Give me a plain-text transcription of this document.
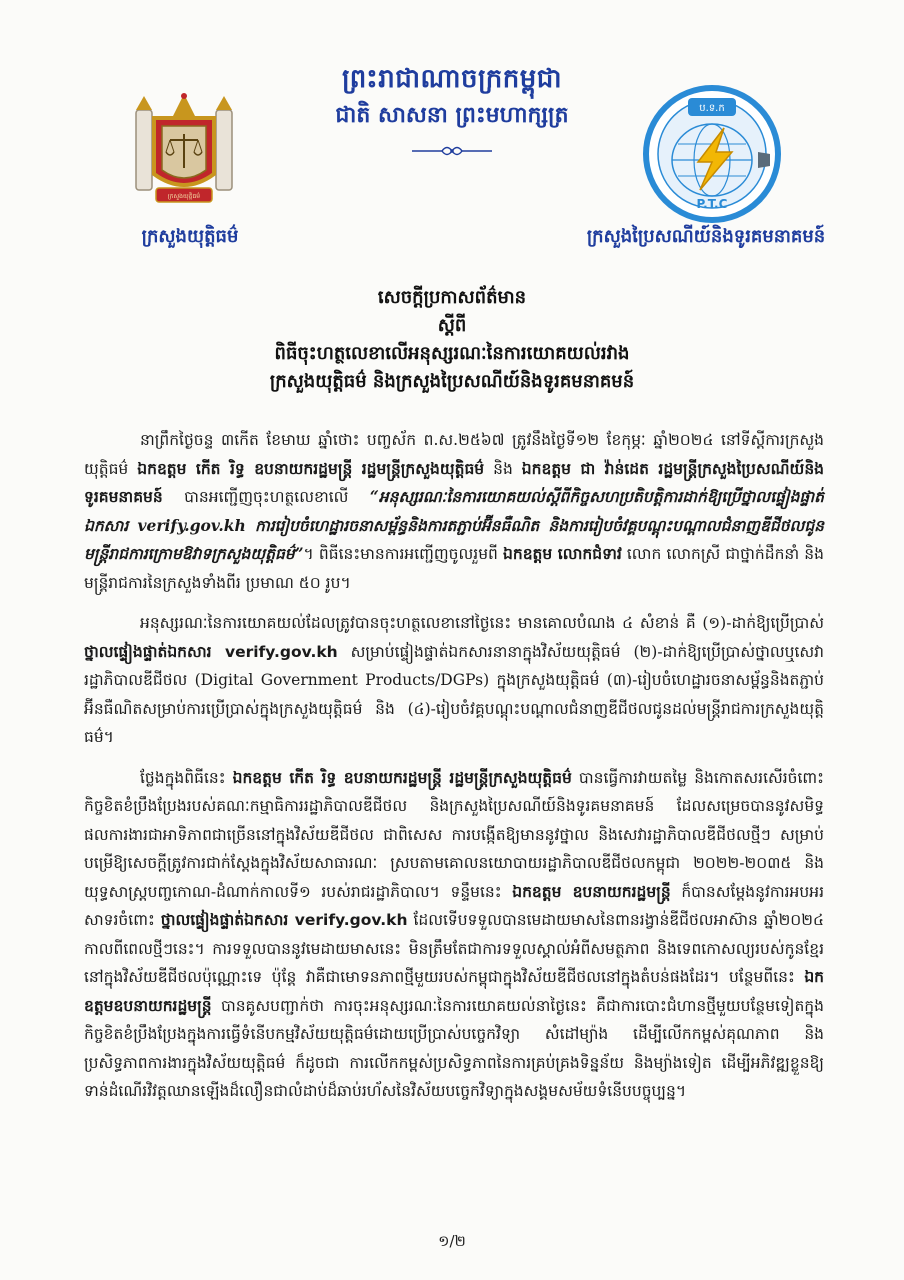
ក្រសួងយុត្តិធម៌
ប.ទ.ក
P.T.C
ព្រះរាជាណាចក្រកម្ពុជា
ជាតិ សាសនា ព្រះមហាក្សត្រ
ក្រសួងយុត្តិធម៌	ក្រសួងប្រៃសណីយ៍និងទូរគមនាគមន៍
សេចក្តីប្រកាសព័ត៌មាន
ស្តីពី
ពិធីចុះហត្ថលេខាលើអនុស្សរណៈនៃការយោគយល់រវាង
ក្រសួងយុត្តិធម៌ និងក្រសួងប្រៃសណីយ៍និងទូរគមនាគមន៍

នាព្រឹកថ្ងៃចន្ទ ៣កើត ខែមាឃ ឆ្នាំថោះ បញ្ចស័ក ព.ស.២៥៦៧ ត្រូវនឹងថ្ងៃទី១២ ខែកុម្ភៈ ឆ្នាំ២០២៤ នៅទីស្តីការក្រសួងយុត្តិធម៌ ឯកឧត្តម កើត រិទ្ធ ឧបនាយករដ្ឋមន្ត្រី រដ្ឋមន្ត្រីក្រសួងយុត្តិធម៌ និង ឯកឧត្តម ជា វ៉ាន់ដេត រដ្ឋមន្ត្រីក្រសួងប្រៃសណីយ៍និងទូរគមនាគមន៍ បានអញ្ជើញចុះហត្ថលេខាលើ “អនុស្សរណៈនៃការយោគយល់ស្តីពីកិច្ចសហប្រតិបត្តិការដាក់ឱ្យប្រើថ្នាលផ្ទៀងផ្ទាត់ឯកសារ verify.gov.kh ការរៀបចំហេដ្ឋារចនាសម្ព័ន្ធនិងការតភ្ជាប់អ៊ីនធឺណិត និងការរៀបចំវគ្គបណ្តុះបណ្តាលជំនាញឌីជីថលជូនមន្ត្រីរាជការក្រោមឱវាទក្រសួងយុត្តិធម៌”។ ពិធីនេះមានការអញ្ជើញចូលរួមពី ឯកឧត្តម លោកជំទាវ លោក លោកស្រី ជាថ្នាក់ដឹកនាំ និងមន្ត្រីរាជការនៃក្រសួងទាំងពីរ ប្រមាណ ៥០ រូប។

អនុស្សរណៈនៃការយោគយល់ដែលត្រូវបានចុះហត្ថលេខានៅថ្ងៃនេះ មានគោលបំណង ៤ សំខាន់ គឺ (១)-ដាក់ឱ្យប្រើប្រាស់ ថ្នាលផ្ទៀងផ្ទាត់ឯកសារ verify.gov.kh សម្រាប់ផ្ទៀងផ្ទាត់ឯកសារនានាក្នុងវិស័យយុត្តិធម៌ (២)-ដាក់ឱ្យប្រើប្រាស់ថ្នាលឬសេវារដ្ឋាភិបាលឌីជីថល (Digital Government Products/DGPs) ក្នុងក្រសួងយុត្តិធម៌ (៣)-រៀបចំហេដ្ឋារចនាសម្ព័ន្ធនិងតភ្ជាប់អ៊ីនធឺណិតសម្រាប់ការប្រើប្រាស់ក្នុងក្រសួងយុត្តិធម៌ និង (៤)-រៀបចំវគ្គបណ្តុះបណ្តាលជំនាញឌីជីថលជូនដល់មន្ត្រីរាជការក្រសួងយុត្តិធម៌។

ថ្លែងក្នុងពិធីនេះ ឯកឧត្តម កើត រិទ្ធ ឧបនាយករដ្ឋមន្ត្រី រដ្ឋមន្ត្រីក្រសួងយុត្តិធម៌ បានធ្វើការវាយតម្លៃ និងកោតសរសើរចំពោះកិច្ចខិតខំប្រឹងប្រែងរបស់គណៈកម្មាធិការរដ្ឋាភិបាលឌីជីថល និងក្រសួងប្រៃសណីយ៍និងទូរគមនាគមន៍ ដែលសម្រេចបាននូវសមិទ្ធផលការងារជាអាទិភាពជាច្រើននៅក្នុងវិស័យឌីជីថល ជាពិសេស ការបង្កើតឱ្យមាននូវថ្នាល និងសេវារដ្ឋាភិបាលឌីជីថលថ្មីៗ សម្រាប់បម្រើឱ្យសេចក្តីត្រូវការជាក់ស្តែងក្នុងវិស័យសាធារណៈ ស្របតាមគោលនយោបាយរដ្ឋាភិបាលឌីជីថលកម្ពុជា ២០២២-២០៣៥ និងយុទ្ធសាស្ត្របញ្ចកោណ-ដំណាក់កាលទី១ របស់រាជរដ្ឋាភិបាល។ ទន្ទឹមនេះ ឯកឧត្តម ឧបនាយករដ្ឋមន្ត្រី ក៏បានសម្តែងនូវការអបអរសាទរចំពោះ ថ្នាលផ្ទៀងផ្ទាត់ឯកសារ verify.gov.kh ដែលទើបទទួលបានមេដាយមាសនៃពានរង្វាន់ឌីជីថលអាស៊ាន ឆ្នាំ២០២៤ កាលពីពេលថ្មីៗនេះ។ ការទទួលបាននូវមេដាយមាសនេះ មិនត្រឹមតែជាការទទួលស្គាល់អំពីសមត្ថភាព និងទេពកោសល្យរបស់កូនខ្មែរនៅក្នុងវិស័យឌីជីថលប៉ុណ្ណោះទេ ប៉ុន្តែ វាគឺជាមោទនភាពថ្មីមួយរបស់កម្ពុជាក្នុងវិស័យឌីជីថលនៅក្នុងតំបន់ផងដែរ។ បន្ថែមពីនេះ ឯកឧត្តមឧបនាយករដ្ឋមន្ត្រី បានគូសបញ្ជាក់ថា ការចុះអនុស្សរណៈនៃការយោគយល់នាថ្ងៃនេះ គឺជាការបោះជំហានថ្មីមួយបន្ថែមទៀតក្នុងកិច្ចខិតខំប្រឹងប្រែងក្នុងការធ្វើទំនើបកម្មវិស័យយុត្តិធម៌ដោយប្រើប្រាស់បច្ចេកវិទ្យា សំដៅម្យ៉ាង ដើម្បីលើកកម្ពស់គុណភាព និងប្រសិទ្ធភាពការងារក្នុងវិស័យយុត្តិធម៌ ក៏ដូចជា ការលើកកម្ពស់ប្រសិទ្ធភាពនៃការគ្រប់គ្រងទិន្នន័យ និងម្យ៉ាងទៀត ដើម្បីអភិវឌ្ឍខ្លួនឱ្យទាន់ដំណើរវិវត្តឈានឡើងដ៏លឿនជាលំដាប់ដ៏ឆាប់រហ័សនៃវិស័យបច្ចេកវិទ្យាក្នុងសង្គមសម័យទំនើបបច្ចុប្បន្ន។

១/២
